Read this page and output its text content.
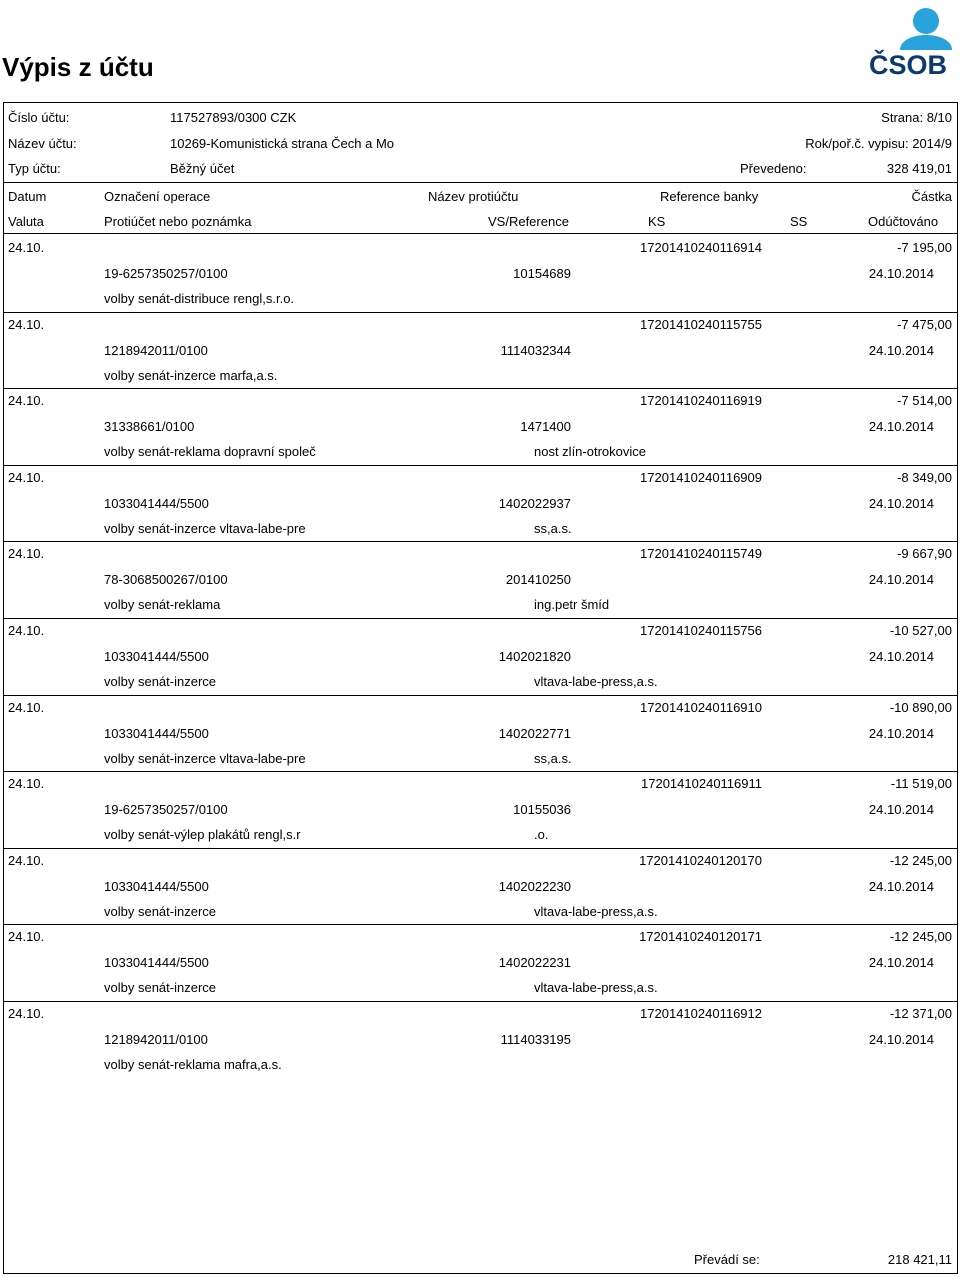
Výpis z účtu	ČSOB
Číslo účtu:	117527893/0300 CZK	Strana: 8/10
Název účtu:	10269-Komunistická strana Čech a Mo	Rok/poř.č. vypisu: 2014/9
Typ účtu:	Běžný účet	Převedeno:	328 419,01
Datum	Označení operace	Název protiúčtu	Reference banky	Částka
Valuta	Protiúčet nebo poznámka	VS/Reference	KS	SS	Odúčtováno
24.10.	17201410240116914	-7 195,00
19-6257350257/0100	10154689	24.10.2014
volby senát-distribuce rengl,s.r.o.
24.10.	17201410240115755	-7 475,00
1218942011/0100	1114032344	24.10.2014
volby senát-inzerce marfa,a.s.
24.10.	17201410240116919	-7 514,00
31338661/0100	1471400	24.10.2014
volby senát-reklama dopravní společ	nost zlín-otrokovice
24.10.	17201410240116909	-8 349,00
1033041444/5500	1402022937	24.10.2014
volby senát-inzerce vltava-labe-pre	ss,a.s.
24.10.	17201410240115749	-9 667,90
78-3068500267/0100	201410250	24.10.2014
volby senát-reklama	ing.petr šmíd
24.10.	17201410240115756	-10 527,00
1033041444/5500	1402021820	24.10.2014
volby senát-inzerce	vltava-labe-press,a.s.
24.10.	17201410240116910	-10 890,00
1033041444/5500	1402022771	24.10.2014
volby senát-inzerce vltava-labe-pre	ss,a.s.
24.10.	17201410240116911	-11 519,00
19-6257350257/0100	10155036	24.10.2014
volby senát-výlep plakátů rengl,s.r	.o.
24.10.	17201410240120170	-12 245,00
1033041444/5500	1402022230	24.10.2014
volby senát-inzerce	vltava-labe-press,a.s.
24.10.	17201410240120171	-12 245,00
1033041444/5500	1402022231	24.10.2014
volby senát-inzerce	vltava-labe-press,a.s.
24.10.	17201410240116912	-12 371,00
1218942011/0100	1114033195	24.10.2014
volby senát-reklama mafra,a.s.
Převádí se:	218 421,11
